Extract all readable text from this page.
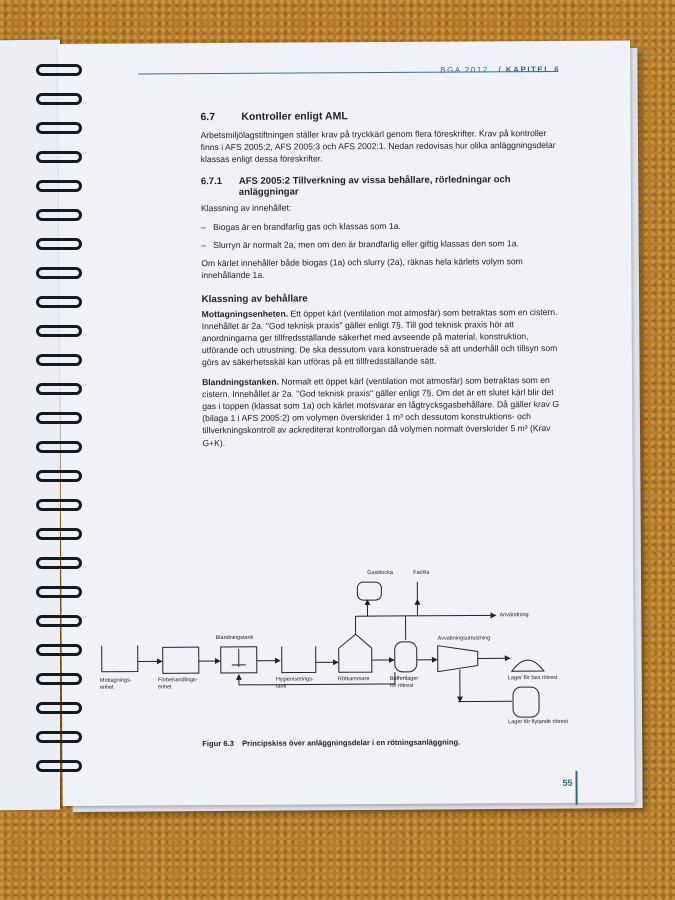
BGA 2012 / KAPITEL 6
6.7 Kontroller enligt AML

Arbetsmiljölagstiftningen ställer krav på tryckkärl genom flera föreskrifter. Krav på kontroller finns i AFS 2005:2, AFS 2005:3 och AFS 2002:1. Nedan redovisas hur olika anläggningsdelar klassas enligt dessa föreskrifter.

6.7.1	AFS 2005:2 Tillverkning av vissa behållare, rörledningar och anläggningar

Klassning av innehållet:

– Biogas är en brandfarlig gas och klassas som 1a.
– Slurryn är normalt 2a, men om den är brandfarlig eller giftig klassas den som 1a.

Om kärlet innehåller både biogas (1a) och slurry (2a), räknas hela kärlets volym som innehållande 1a.

Klassning av behållare

Mottagningsenheten. Ett öppet kärl (ventilation mot atmosfär) som betraktas som en cistern. Innehållet är 2a. "God teknisk praxis" gäller enligt 7§. Till god teknisk praxis hör att anordningarna ger tillfredsställande säkerhet med avseende på material, konstruktion, utförande och utrustning. De ska dessutom vara konstruerade så att underhåll och tillsyn som görs av säkerhetsskäl kan utföras på ett tillfredsställande sätt.

Blandningstanken. Normalt ett öppet kärl (ventilation mot atmosfär) som betraktas som en cistern. Innehållet är 2a. "God teknisk praxis" gäller enligt 7§. Om det är ett slutet kärl blir det gas i toppen (klassat som 1a) och kärlet motsvarar en lågtrycksgasbehållare. Då gäller krav G (bilaga 1 i AFS 2005:2) om volymen överskrider 1 m³ och dessutom konstruktions- och tillverkningskontroll av ackrediterat kontrollorgan då volymen normalt överskrider 5 m³ (Krav G+K).

Gasklocka	Fackla
Användning
Blandningstank	Avvattningsutrustning
Mottagnings-
enhet
Förbehandlings-
enhet
Hygieniserings-
tank
Rötkammare	Buffertlager
för rötrest
Lager för fast rötrest
Lager för flytande rötrest
Figur 6.3 Principskiss över anläggningsdelar i en rötningsanläggning.
55
